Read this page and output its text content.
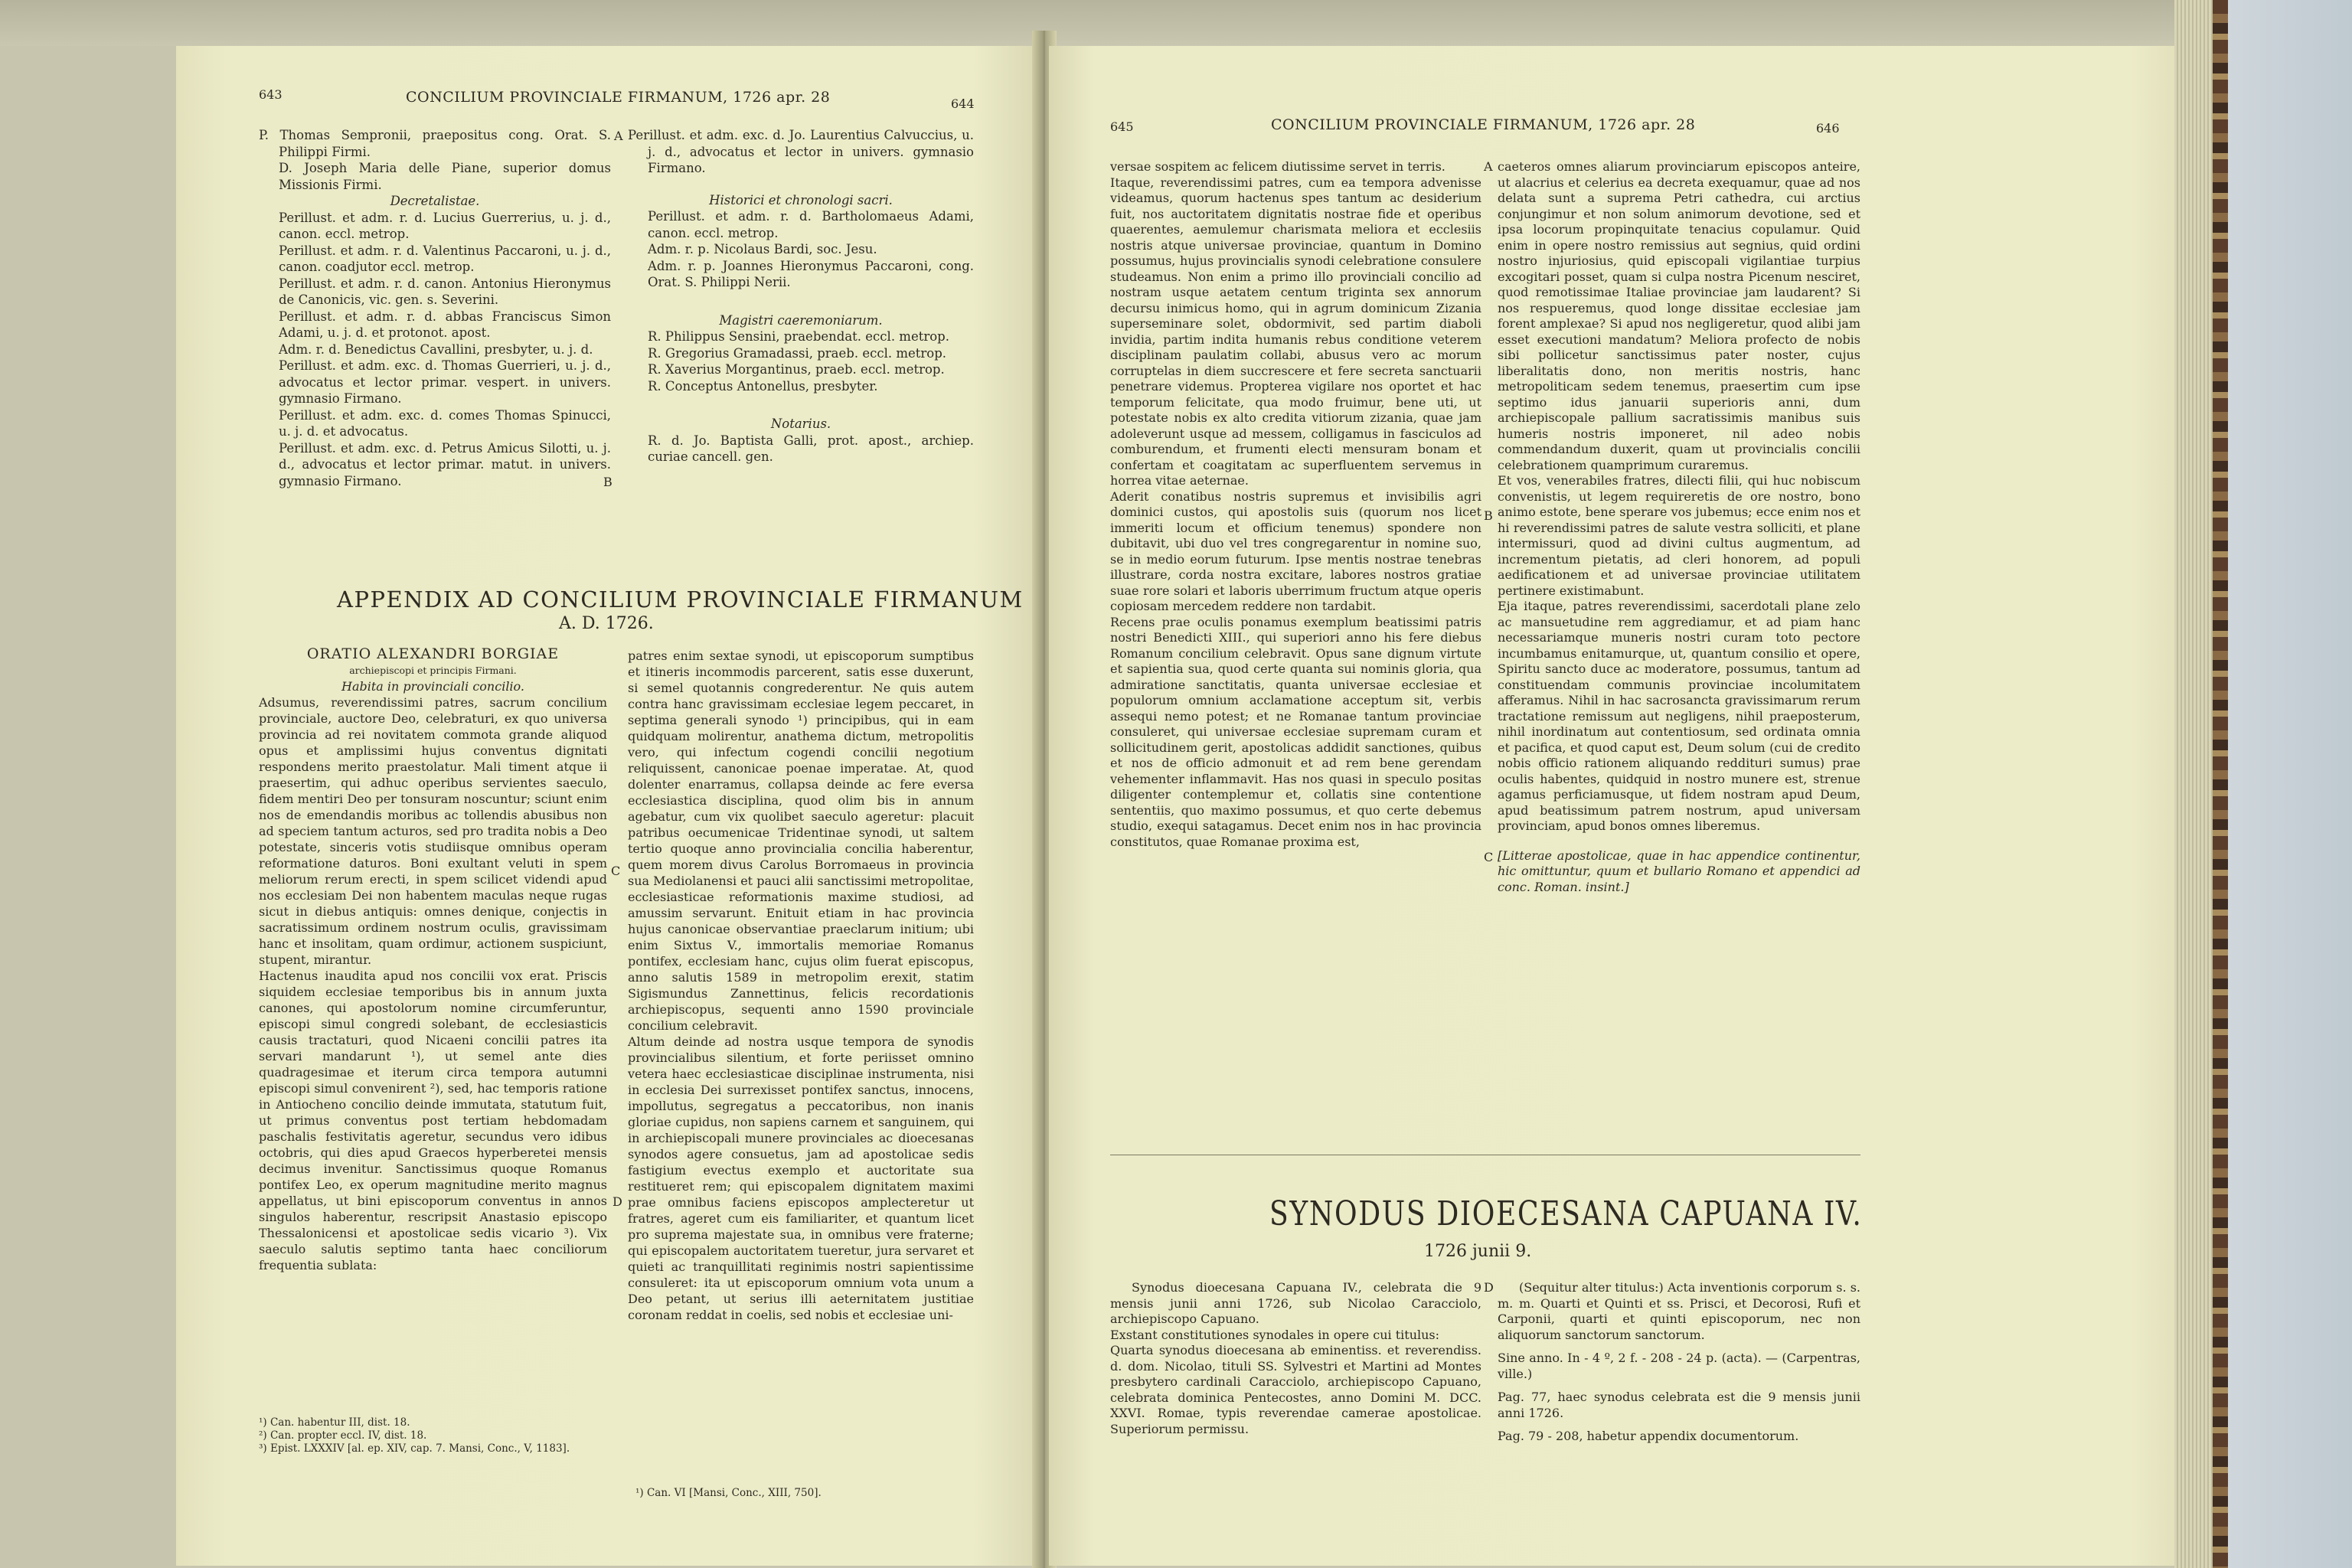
643	CONCILIUM PROVINCIALE FIRMANUM, 1726 apr. 28	644

P. Thomas Sempronii, praepositus cong. Orat. S. Philippi Firmi.

D. Joseph Maria delle Piane, superior domus Missionis Firmi.

Decretalistae.

Perillust. et adm. r. d. Lucius Guerrerius, u. j. d., canon. eccl. metrop.

Perillust. et adm. r. d. Valentinus Paccaroni, u. j. d., canon. coadjutor eccl. metrop.

Perillust. et adm. r. d. canon. Antonius Hieronymus de Canonicis, vic. gen. s. Severini.

Perillust. et adm. r. d. abbas Franciscus Simon Adami, u. j. d. et protonot. apost.

Adm. r. d. Benedictus Cavallini, presbyter, u. j. d.

Perillust. et adm. exc. d. Thomas Guerrieri, u. j. d., advocatus et lector primar. vespert. in univers. gymnasio Firmano.

Perillust. et adm. exc. d. comes Thomas Spinucci, u. j. d. et advocatus.

Perillust. et adm. exc. d. Petrus Amicus Silotti, u. j. d., advocatus et lector primar. matut. in univers. gymnasio Firmano.

A
B

Perillust. et adm. exc. d. Jo. Laurentius Calvuccius, u. j. d., advocatus et lector in univers. gymnasio Firmano.

Historici et chronologi sacri.

Perillust. et adm. r. d. Bartholomaeus Adami, canon. eccl. metrop.

Adm. r. p. Nicolaus Bardi, soc. Jesu.

Adm. r. p. Joannes Hieronymus Paccaroni, cong. Orat. S. Philippi Nerii.

Magistri caeremoniarum.

R. Philippus Sensini, praebendat. eccl. metrop.

R. Gregorius Gramadassi, praeb. eccl. metrop.

R. Xaverius Morgantinus, praeb. eccl. metrop.

R. Conceptus Antonellus, presbyter.

Notarius.

R. d. Jo. Baptista Galli, prot. apost., archiep. curiae cancell. gen.

APPENDIX AD CONCILIUM PROVINCIALE FIRMANUM
A. D. 1726.

ORATIO ALEXANDRI BORGIAE

archiepiscopi et principis Firmani.

Habita in provinciali concilio.

Adsumus, reverendissimi patres, sacrum concilium provinciale, auctore Deo, celebraturi, ex quo universa provincia ad rei novitatem commota grande aliquod opus et amplissimi hujus conventus dignitati respondens merito praestolatur. Mali timent atque ii praesertim, qui adhuc operibus servientes saeculo, fidem mentiri Deo per tonsuram noscuntur; sciunt enim nos de emendandis moribus ac tollendis abusibus non ad speciem tantum acturos, sed pro tradita nobis a Deo potestate, sinceris votis studiisque omnibus operam reformatione daturos. Boni exultant veluti in spem meliorum rerum erecti, in spem scilicet videndi apud nos ecclesiam Dei non habentem maculas neque rugas sicut in diebus antiquis: omnes denique, conjectis in sacratissimum ordinem nostrum oculis, gravissimam hanc et insolitam, quam ordimur, actionem suspiciunt, stupent, mirantur.

Hactenus inaudita apud nos concilii vox erat. Priscis siquidem ecclesiae temporibus bis in annum juxta canones, qui apostolorum nomine circumferuntur, episcopi simul congredi solebant, de ecclesiasticis causis tractaturi, quod Nicaeni concilii patres ita servari mandarunt ¹), ut semel ante dies quadragesimae et iterum circa tempora autumni episcopi simul convenirent ²), sed, hac temporis ratione in Antiocheno concilio deinde immutata, statutum fuit, ut primus conventus post tertiam hebdomadam paschalis festivitatis ageretur, secundus vero idibus octobris, qui dies apud Graecos hyperberetei mensis decimus invenitur. Sanctissimus quoque Romanus pontifex Leo, ex operum magnitudine merito magnus appellatus, ut bini episcoporum conventus in annos singulos haberentur, rescripsit Anastasio episcopo Thessalonicensi et apostolicae sedis vicario ³). Vix saeculo salutis septimo tanta haec conciliorum frequentia sublata:

C
D

patres enim sextae synodi, ut episcoporum sumptibus et itineris incommodis parcerent, satis esse duxerunt, si semel quotannis congrederentur. Ne quis autem contra hanc gravissimam ecclesiae legem peccaret, in septima generali synodo ¹) principibus, qui in eam quidquam molirentur, anathema dictum, metropolitis vero, qui infectum cogendi concilii negotium reliquissent, canonicae poenae imperatae. At, quod dolenter enarramus, collapsa deinde ac fere eversa ecclesiastica disciplina, quod olim bis in annum agebatur, cum vix quolibet saeculo ageretur: placuit patribus oecumenicae Tridentinae synodi, ut saltem tertio quoque anno provincialia concilia haberentur, quem morem divus Carolus Borromaeus in provincia sua Mediolanensi et pauci alii sanctissimi metropolitae, ecclesiasticae reformationis maxime studiosi, ad amussim servarunt. Enituit etiam in hac provincia hujus canonicae observantiae praeclarum initium; ubi enim Sixtus V., immortalis memoriae Romanus pontifex, ecclesiam hanc, cujus olim fuerat episcopus, anno salutis 1589 in metropolim erexit, statim Sigismundus Zannettinus, felicis recordationis archiepiscopus, sequenti anno 1590 provinciale concilium celebravit.

Altum deinde ad nostra usque tempora de synodis provincialibus silentium, et forte periisset omnino vetera haec ecclesiasticae disciplinae instrumenta, nisi in ecclesia Dei surrexisset pontifex sanctus, innocens, impollutus, segregatus a peccatoribus, non inanis gloriae cupidus, non sapiens carnem et sanguinem, qui in archiepiscopali munere provinciales ac dioecesanas synodos agere consuetus, jam ad apostolicae sedis fastigium evectus exemplo et auctoritate sua restitueret rem; qui episcopalem dignitatem maximi prae omnibus faciens episcopos amplecteretur ut fratres, ageret cum eis familiariter, et quantum licet pro suprema majestate sua, in omnibus vere fraterne; qui episcopalem auctoritatem tueretur, jura servaret et quieti ac tranquillitati reginimis nostri sapientissime consuleret: ita ut episcoporum omnium vota unum a Deo petant, ut serius illi aeternitatem justitiae coronam reddat in coelis, sed nobis et ecclesiae uni-

¹) Can. habentur III, dist. 18.

²) Can. propter eccl. IV, dist. 18.

³) Epist. LXXXIV [al. ep. XIV, cap. 7. Mansi, Conc., V, 1183].

¹) Can. VI [Mansi, Conc., XIII, 750].

645	CONCILIUM PROVINCIALE FIRMANUM, 1726 apr. 28	646

versae sospitem ac felicem diutissime servet in terris.

Itaque, reverendissimi patres, cum ea tempora advenisse videamus, quorum hactenus spes tantum ac desiderium fuit, nos auctoritatem dignitatis nostrae fide et operibus quaerentes, aemulemur charismata meliora et ecclesiis nostris atque universae provinciae, quantum in Domino possumus, hujus provincialis synodi celebratione consulere studeamus. Non enim a primo illo provinciali concilio ad nostram usque aetatem centum triginta sex annorum decursu inimicus homo, qui in agrum dominicum Zizania superseminare solet, obdormivit, sed partim diaboli invidia, partim indita humanis rebus conditione veterem disciplinam paulatim collabi, abusus vero ac morum corruptelas in diem succrescere et fere secreta sanctuarii penetrare videmus. Propterea vigilare nos oportet et hac temporum felicitate, qua modo fruimur, bene uti, ut potestate nobis ex alto credita vitiorum zizania, quae jam adoleverunt usque ad messem, colligamus in fasciculos ad comburendum, et frumenti electi mensuram bonam et confertam et coagitatam ac superfluentem servemus in horrea vitae aeternae.

Aderit conatibus nostris supremus et invisibilis agri dominici custos, qui apostolis suis (quorum nos licet immeriti locum et officium tenemus) spondere non dubitavit, ubi duo vel tres congregarentur in nomine suo, se in medio eorum futurum. Ipse mentis nostrae tenebras illustrare, corda nostra excitare, labores nostros gratiae suae rore solari et laboris uberrimum fructum atque operis copiosam mercedem reddere non tardabit.

Recens prae oculis ponamus exemplum beatissimi patris nostri Benedicti XIII., qui superiori anno his fere diebus Romanum concilium celebravit. Opus sane dignum virtute et sapientia sua, quod certe quanta sui nominis gloria, qua admiratione sanctitatis, quanta universae ecclesiae et populorum omnium acclamatione acceptum sit, verbis assequi nemo potest; et ne Romanae tantum provinciae consuleret, qui universae ecclesiae supremam curam et sollicitudinem gerit, apostolicas addidit sanctiones, quibus et nos de officio admonuit et ad rem bene gerendam vehementer inflammavit. Has nos quasi in speculo positas diligenter contemplemur et, collatis sine contentione sententiis, quo maximo possumus, et quo certe debemus studio, exequi satagamus. Decet enim nos in hac provincia constitutos, quae Romanae proxima est,

A
B
C

caeteros omnes aliarum provinciarum episcopos anteire, ut alacrius et celerius ea decreta exequamur, quae ad nos delata sunt a suprema Petri cathedra, cui arctius conjungimur et non solum animorum devotione, sed et ipsa locorum propinquitate tenacius copulamur. Quid enim in opere nostro remissius aut segnius, quid ordini nostro injuriosius, quid episcopali vigilantiae turpius excogitari posset, quam si culpa nostra Picenum nesciret, quod remotissimae Italiae provinciae jam laudarent? Si nos respueremus, quod longe dissitae ecclesiae jam forent amplexae? Si apud nos negligeretur, quod alibi jam esset executioni mandatum? Meliora profecto de nobis sibi pollicetur sanctissimus pater noster, cujus liberalitatis dono, non meritis nostris, hanc metropoliticam sedem tenemus, praesertim cum ipse septimo idus januarii superioris anni, dum archiepiscopale pallium sacratissimis manibus suis humeris nostris imponeret, nil adeo nobis commendandum duxerit, quam ut provincialis concilii celebrationem quamprimum curaremus.

Et vos, venerabiles fratres, dilecti filii, qui huc nobiscum convenistis, ut legem requireretis de ore nostro, bono animo estote, bene sperare vos jubemus; ecce enim nos et hi reverendissimi patres de salute vestra solliciti, et plane intermissuri, quod ad divini cultus augmentum, ad incrementum pietatis, ad cleri honorem, ad populi aedificationem et ad universae provinciae utilitatem pertinere existimabunt.

Eja itaque, patres reverendissimi, sacerdotali plane zelo ac mansuetudine rem aggrediamur, et ad piam hanc necessariamque muneris nostri curam toto pectore incumbamus enitamurque, ut, quantum consilio et opere, Spiritu sancto duce ac moderatore, possumus, tantum ad constituendam communis provinciae incolumitatem afferamus. Nihil in hac sacrosancta gravissimarum rerum tractatione remissum aut negligens, nihil praeposterum, nihil inordinatum aut contentiosum, sed ordinata omnia et pacifica, et quod caput est, Deum solum (cui de credito nobis officio rationem aliquando reddituri sumus) prae oculis habentes, quidquid in nostro munere est, strenue agamus perficiamusque, ut fidem nostram apud Deum, apud beatissimum patrem nostrum, apud universam provinciam, apud bonos omnes liberemus.

[Litterae apostolicae, quae in hac appendice continentur, hic omittuntur, quum et bullario Romano et appendici ad conc. Roman. insint.]

SYNODUS DIOECESANA CAPUANA IV.
1726 junii 9.

Synodus dioecesana Capuana IV., celebrata die 9 mensis junii anni 1726, sub Nicolao Caracciolo, archiepiscopo Capuano.

Exstant constitutiones synodales in opere cui titulus:

Quarta synodus dioecesana ab eminentiss. et reverendiss. d. dom. Nicolao, tituli SS. Sylvestri et Martini ad Montes presbytero cardinali Caracciolo, archiepiscopo Capuano, celebrata dominica Pentecostes, anno Domini M. DCC. XXVI. Romae, typis reverendae camerae apostolicae. Superiorum permissu.

D	(Sequitur alter titulus:) Acta inventionis corporum s. s. m. m. Quarti et Quinti et ss. Prisci, et Decorosi, Rufi et Carponii, quarti et quinti episcoporum, nec non aliquorum sanctorum sanctorum.

Sine anno. In - 4 º, 2 f. - 208 - 24 p. (acta). — (Carpentras, ville.)

Pag. 77, haec synodus celebrata est die 9 mensis junii anni 1726.

Pag. 79 - 208, habetur appendix documentorum.
